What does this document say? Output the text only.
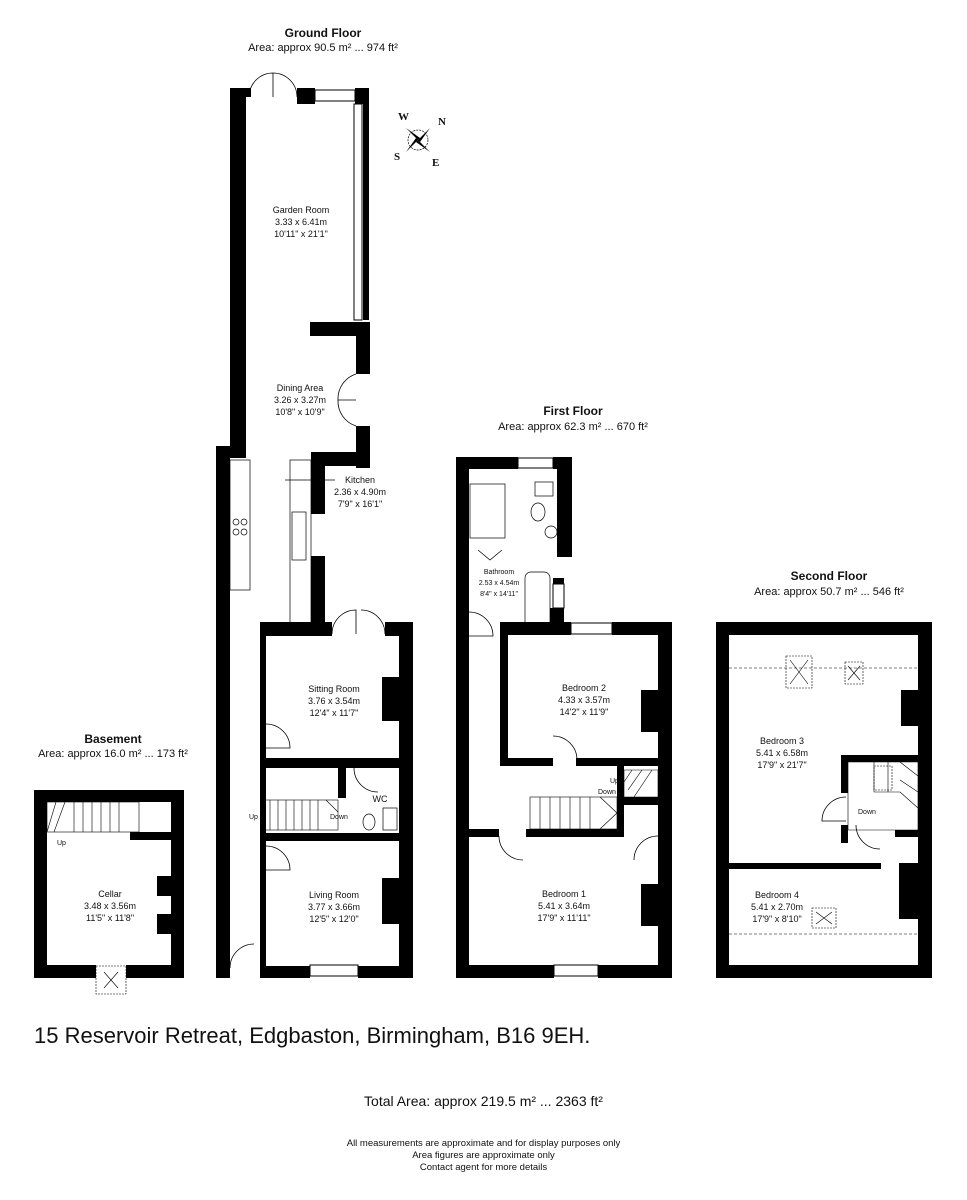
Ground Floor
Area: approx 90.5 m² ... 974 ft²
Garden Room
3.33 x 6.41m
10'11" x 21'1"
Dining Area
3.26 x 3.27m
10'8" x 10'9"
Kitchen
2.36 x 4.90m
7'9" x 16'1"
Sitting Room
3.76 x 3.54m
12'4" x 11'7"
WC
Living Room
3.77 x 3.66m
12'5" x 12'0"
Up	Down
W	N
S	E
Basement
Area: approx 16.0 m² ... 173 ft²
Cellar
3.48 x 3.56m
11'5" x 11'8"
Up
First Floor
Area: approx 62.3 m² ... 670 ft²
Bathroom
2.53 x 4.54m
8'4" x 14'11"
Bedroom 2
4.33 x 3.57m
14'2" x 11'9"
Bedroom 1
5.41 x 3.64m
17'9" x 11'11"
Up
Down
Second Floor
Area: approx 50.7 m² ... 546 ft²
Bedroom 3
5.41 x 6.58m
17'9" x 21'7"
Bedroom 4
5.41 x 2.70m
17'9" x 8'10"
Down
15 Reservoir Retreat, Edgbaston, Birmingham, B16 9EH.
Total Area: approx 219.5 m² ... 2363 ft²
All measurements are approximate and for display purposes only
Area figures are approximate only
Contact agent for more details
